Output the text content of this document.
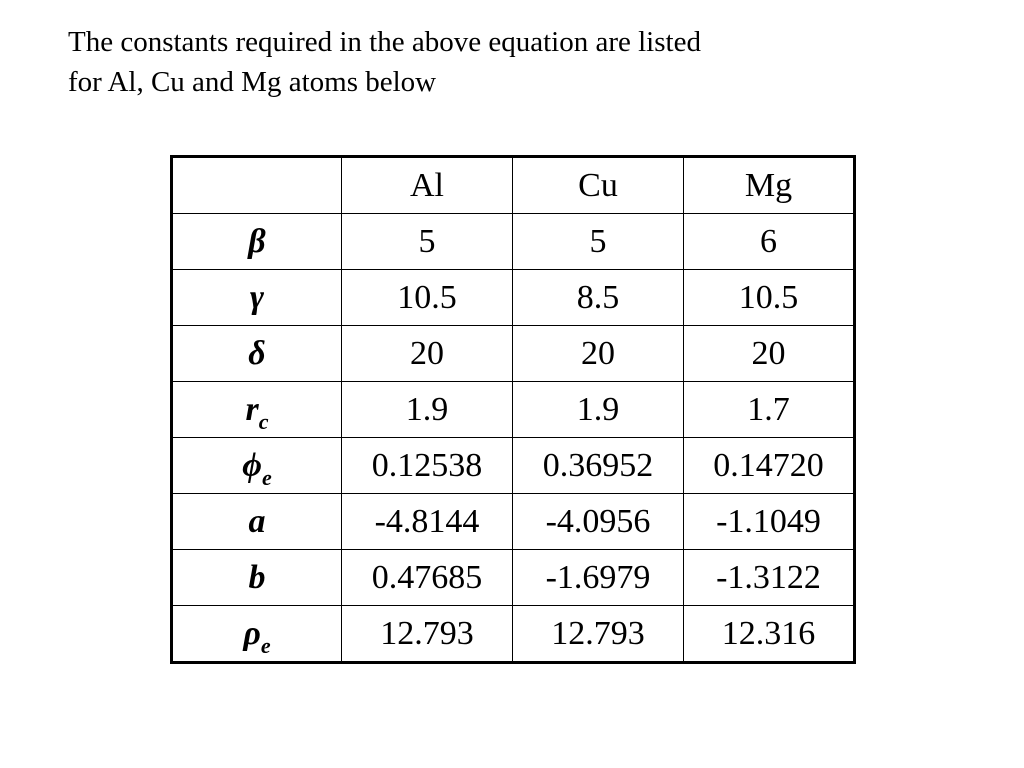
The constants required in the above equation are listed
for Al, Cu and Mg atoms below
	Al	Cu	Mg
β	5	5	6
γ	10.5	8.5	10.5
δ	20	20	20
$r_c$	1.9	1.9	1.7
$\phi_e$	0.12538	0.36952	0.14720
a	-4.8144	-4.0956	-1.1049
b	0.47685	-1.6979	-1.3122
$\rho_e$	12.793	12.793	12.316
